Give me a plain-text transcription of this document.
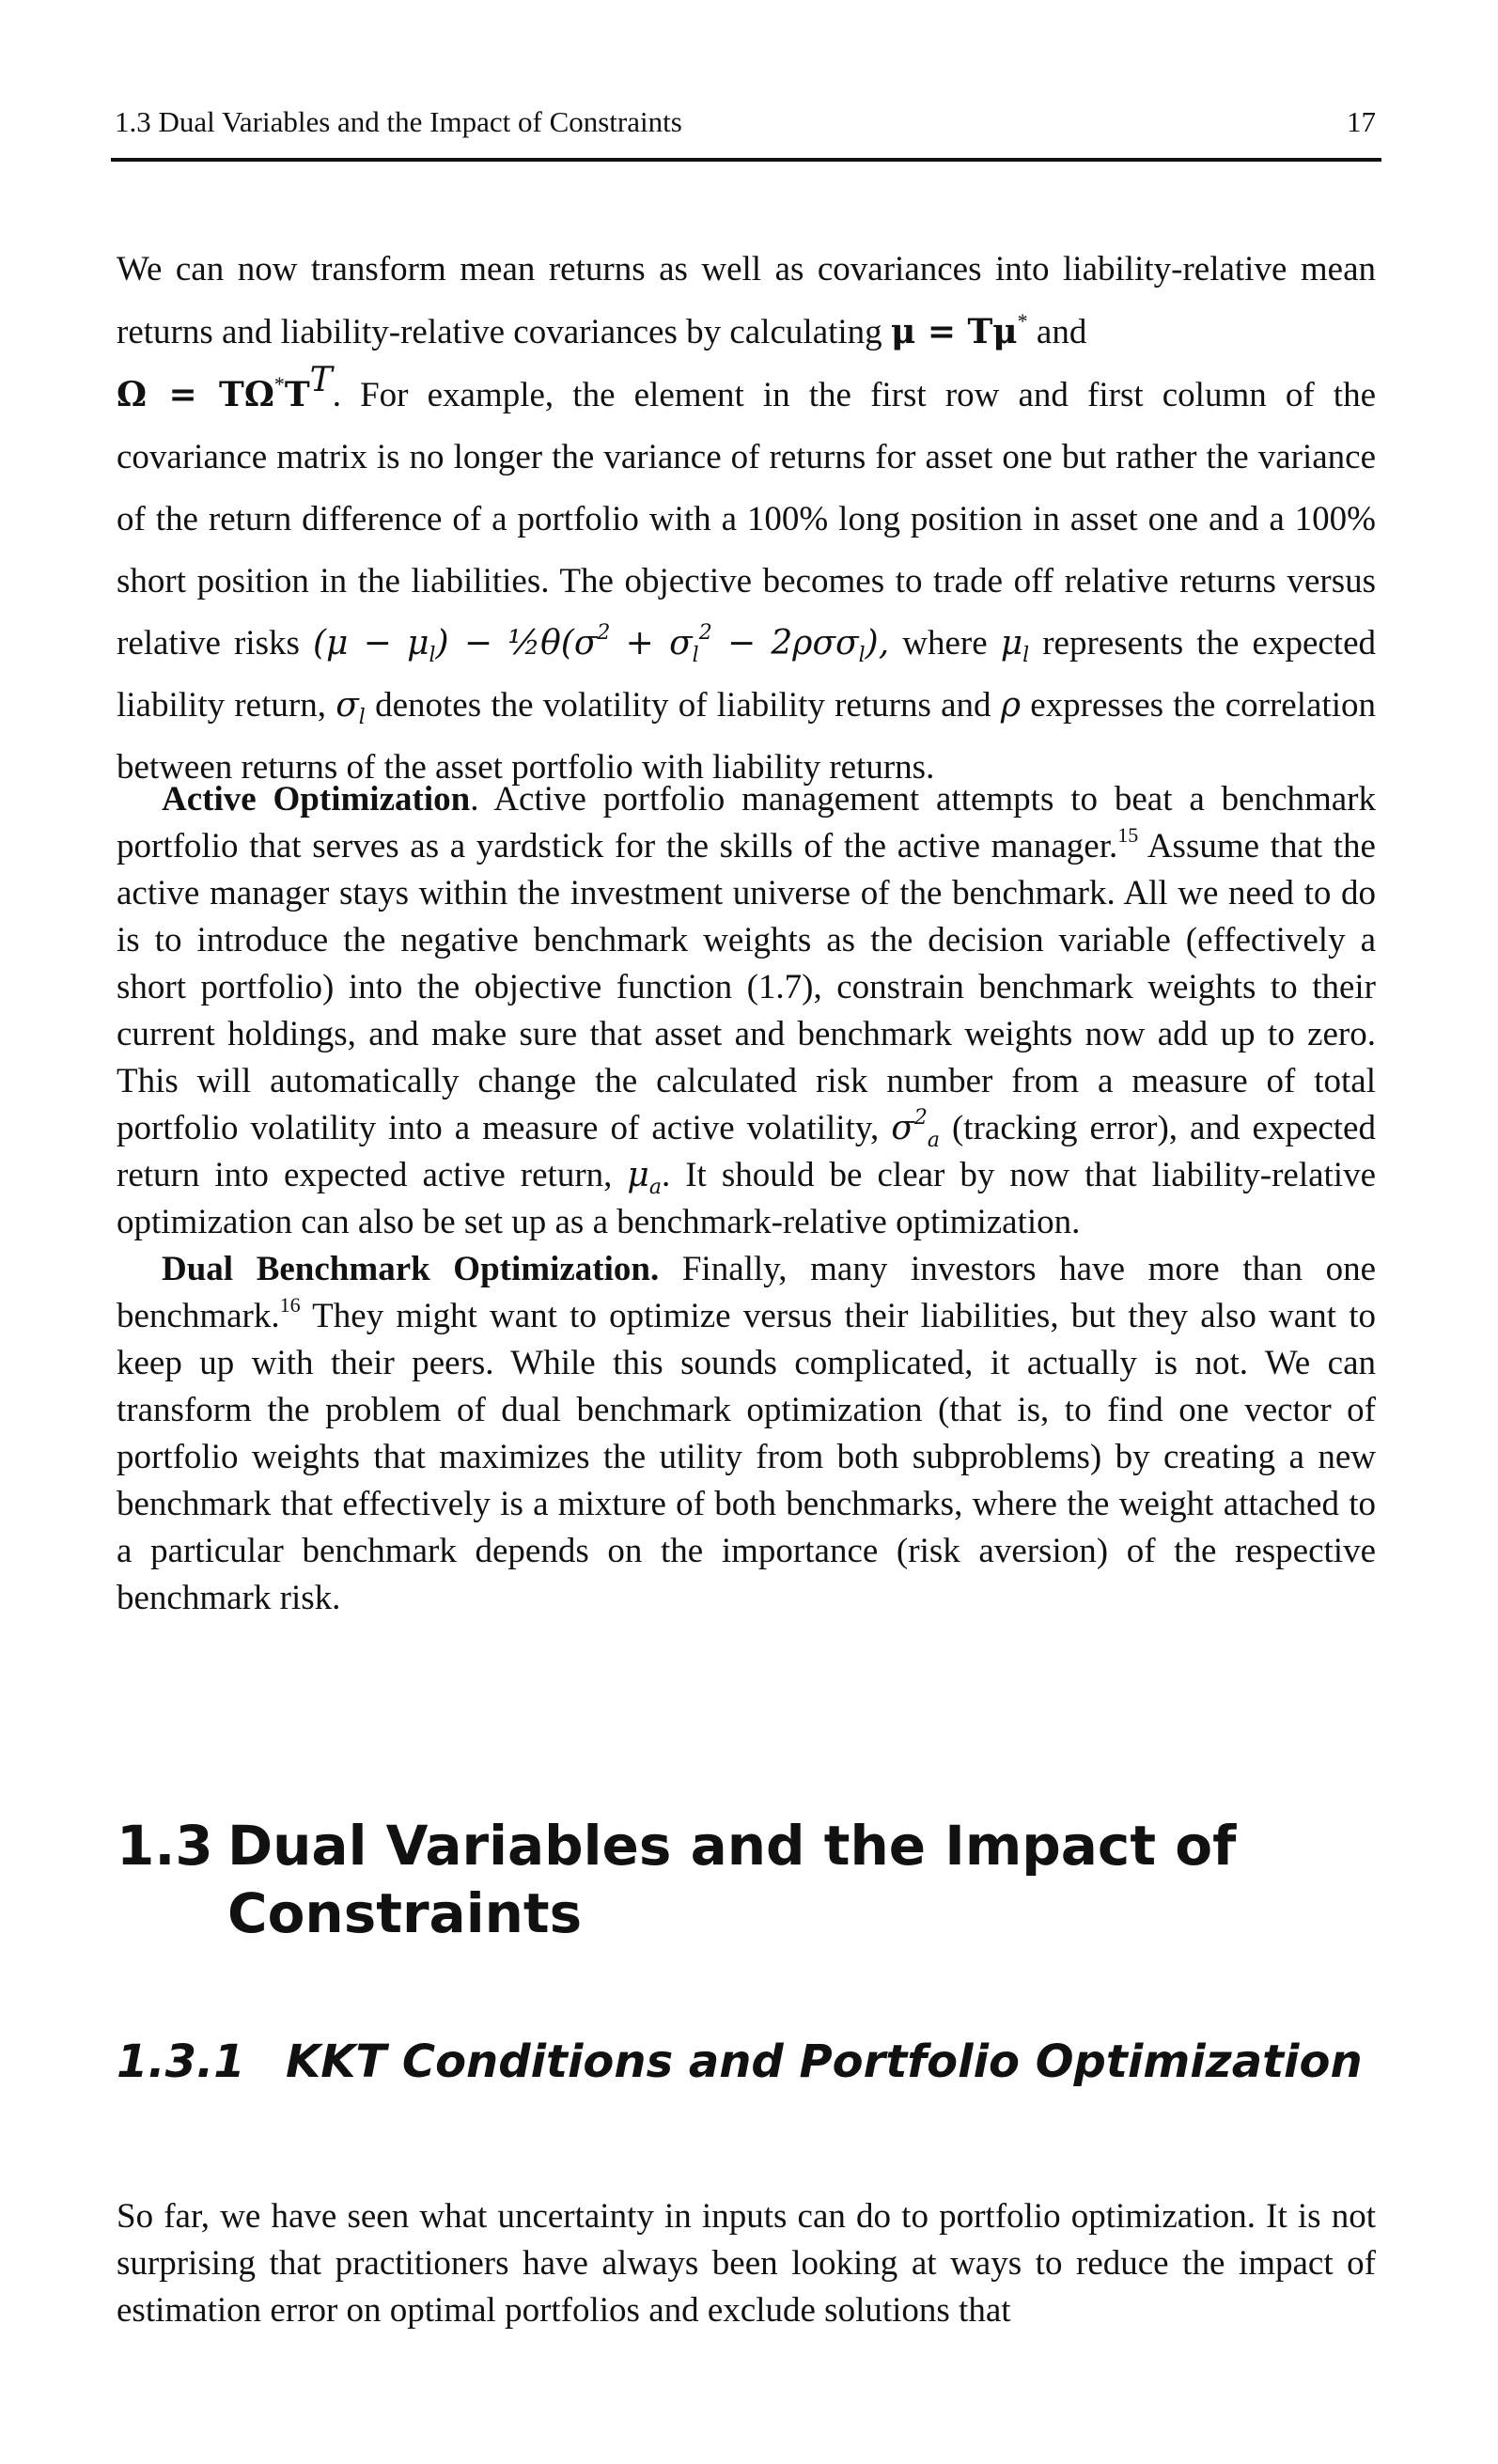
1.3 Dual Variables and the Impact of Constraints	17

We can now transform mean returns as well as covariances into liability-relative mean returns and liability-relative covariances by calculating μ = Tμ* and
$\Omega = T\Omega^*T^T$. For example, the element in the first row and first column of the covariance matrix is no longer the variance of returns for asset one but rather the variance of the return difference of a portfolio with a 100% long position in asset one and a 100% short position in the liabilities. The objective becomes to trade off relative returns versus relative risks $(\mu - \mu_l)$ − $\frac{1}{2}\theta(\sigma^2 + \sigma_l^2 - 2\rho\sigma\sigma_l)$, where $\mu_l$ represents the expected liability return, $\sigma_l$ denotes the volatility of liability returns and ρ expresses the correlation between returns of the asset portfolio with liability returns.

Active Optimization. Active portfolio management attempts to beat a benchmark portfolio that serves as a yardstick for the skills of the active manager.$^{15}$ Assume that the active manager stays within the investment universe of the benchmark. All we need to do is to introduce the negative benchmark weights as the decision variable (effectively a short portfolio) into the objective function (1.7), constrain benchmark weights to their current holdings, and make sure that asset and benchmark weights now add up to zero. This will automatically change the calculated risk number from a measure of total portfolio volatility into a measure of active volatility, $\sigma^2_a$ (tracking error), and expected return into expected active return, $\mu_a$. It should be clear by now that liability-relative optimization can also be set up as a benchmark-relative optimization.

Dual Benchmark Optimization. Finally, many investors have more than one benchmark.$^{16}$ They might want to optimize versus their liabilities, but they also want to keep up with their peers. While this sounds complicated, it actually is not. We can transform the problem of dual benchmark optimization (that is, to find one vector of portfolio weights that maximizes the utility from both subproblems) by creating a new benchmark that effectively is a mixture of both benchmarks, where the weight attached to a particular benchmark depends on the importance (risk aversion) of the respective benchmark risk.

1.3 Dual Variables and the Impact of Constraints
1.3.1 KKT Conditions and Portfolio Optimization

So far, we have seen what uncertainty in inputs can do to portfolio optimization. It is not surprising that practitioners have always been looking at ways to reduce the impact of estimation error on optimal portfolios and exclude solutions that
